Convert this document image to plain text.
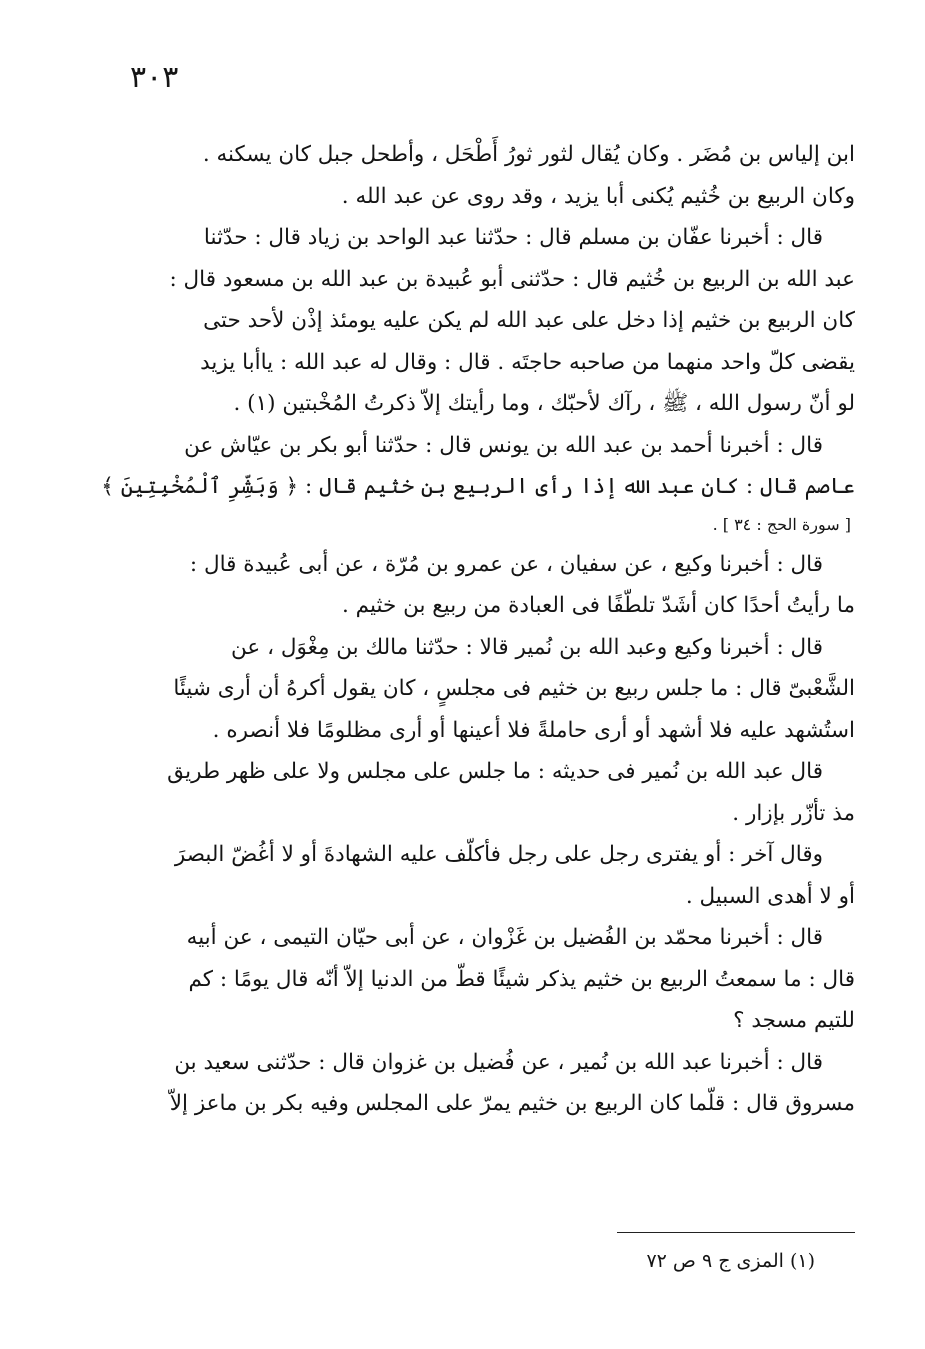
٣٠٣
ابن إلياس بن مُضَر . وكان يُقال لثور ثورُ أَطْحَل ، وأطحل جبل كان يسكنه .
وكان الربيع بن خُثيم يُكنى أبا يزيد ، وقد روى عن عبد الله .
قال : أخبرنا عفّان بن مسلم قال : حدّثنا عبد الواحد بن زياد قال : حدّثنا
عبد الله بن الربيع بن خُثيم قال : حدّثنى أبو عُبيدة بن عبد الله بن مسعود قال :
كان الربيع بن خثيم إذا دخل على عبد الله لم يكن عليه يومئذ إذْن لأحد حتى
يقضى كلّ واحد منهما من صاحبه حاجتَه . قال : وقال له عبد الله : ياأبا يزيد
لو أنّ رسول الله ، ﷺ ، رآك لأحبّك ، وما رأيتك إلاّ ذكرتُ المُخْبتين (١) .
قال : أخبرنا أحمد بن عبد الله بن يونس قال : حدّثنا أبو بكر بن عيّاش عن
عاصم قال : كان عبد الله إذا رأى الربيع بن خثيم قال : ﴿ وَبَشِّرِ ٱلْمُخْبِتِينَ ﴾
[ سورة الحج : ٣٤ ] .
قال : أخبرنا وكيع ، عن سفيان ، عن عمرو بن مُرّة ، عن أبى عُبيدة قال :
ما رأيتُ أحدًا كان أشَدّ تلطّفًا فى العبادة من ربيع بن خثيم .
قال : أخبرنا وكيع وعبد الله بن نُمير قالا : حدّثنا مالك بن مِغْوَل ، عن
الشَّعْبىّ قال : ما جلس ربيع بن خثيم فى مجلسٍ ، كان يقول أكرهُ أن أرى شيئًا
استُشهد عليه فلا أشهد أو أرى حاملةً فلا أعينها أو أرى مظلومًا فلا أنصره .
قال عبد الله بن نُمير فى حديثه : ما جلس على مجلس ولا على ظهر طريق
مذ تأزّر بإزار .
وقال آخر : أو يفترى رجل على رجل فأكلّف عليه الشهادةَ أو لا أغُضّ البصرَ
أو لا أهدى السبيل .
قال : أخبرنا محمّد بن الفُضيل بن غَزْوان ، عن أبى حيّان التيمى ، عن أبيه
قال : ما سمعتُ الربيع بن خثيم يذكر شيئًا قطّ من الدنيا إلاّ أنّه قال يومًا : كم
للتيم مسجد ؟
قال : أخبرنا عبد الله بن نُمير ، عن فُضيل بن غزوان قال : حدّثنى سعيد بن
مسروق قال : قلّما كان الربيع بن خثيم يمرّ على المجلس وفيه بكر بن ماعز إلاّ
(١) المزى ج ٩ ص ٧٢
